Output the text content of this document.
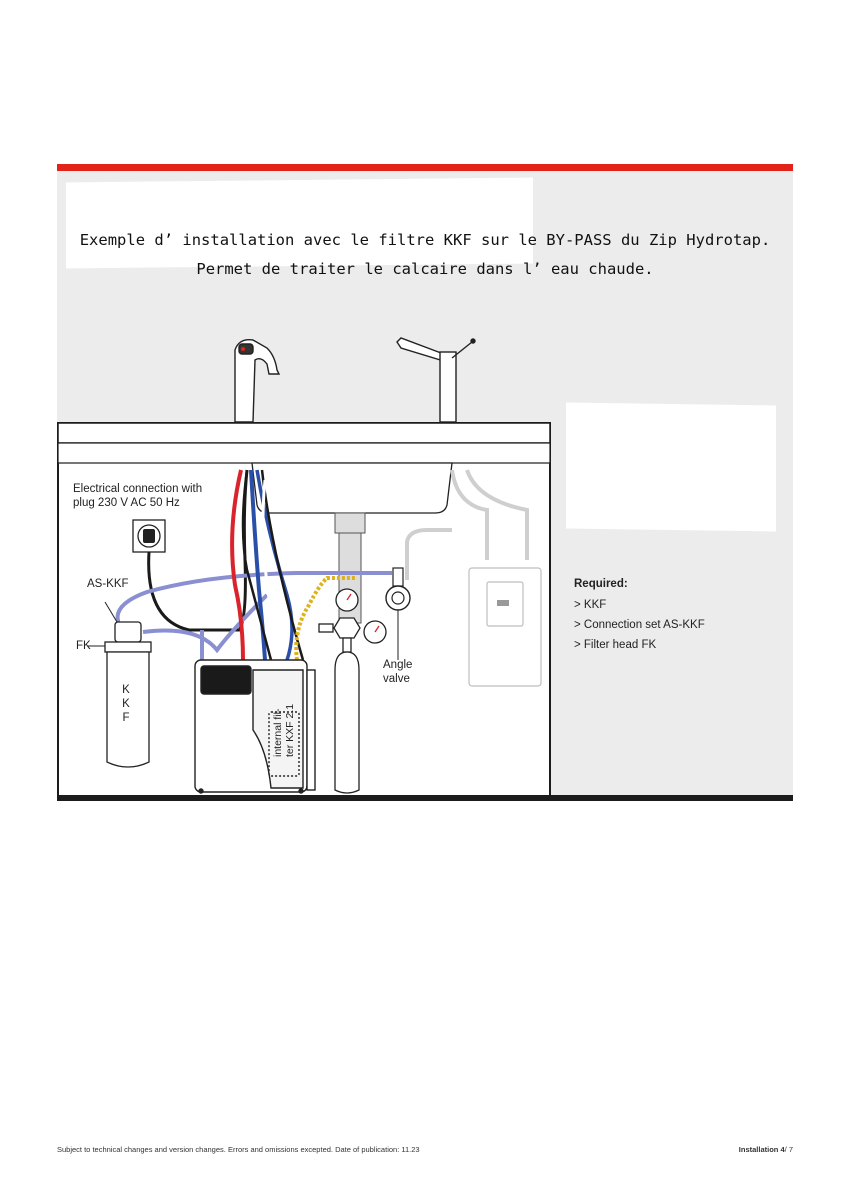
Exemple d’ installation avec le filtre KKF sur le BY-PASS du Zip Hydrotap.
Permet de traiter le calcaire dans l’ eau chaude.
Electrical connection with
plug 230 V AC 50 Hz
AS-KKF
FK
K
K
F
Angle
valve
internal fil- ter KXF 2.1
Required:
> KKF
> Connection set AS-KKF
> Filter head FK
Subject to technical changes and version changes. Errors and omissions excepted. Date of publication: 11.23	Installation 4/ 7
